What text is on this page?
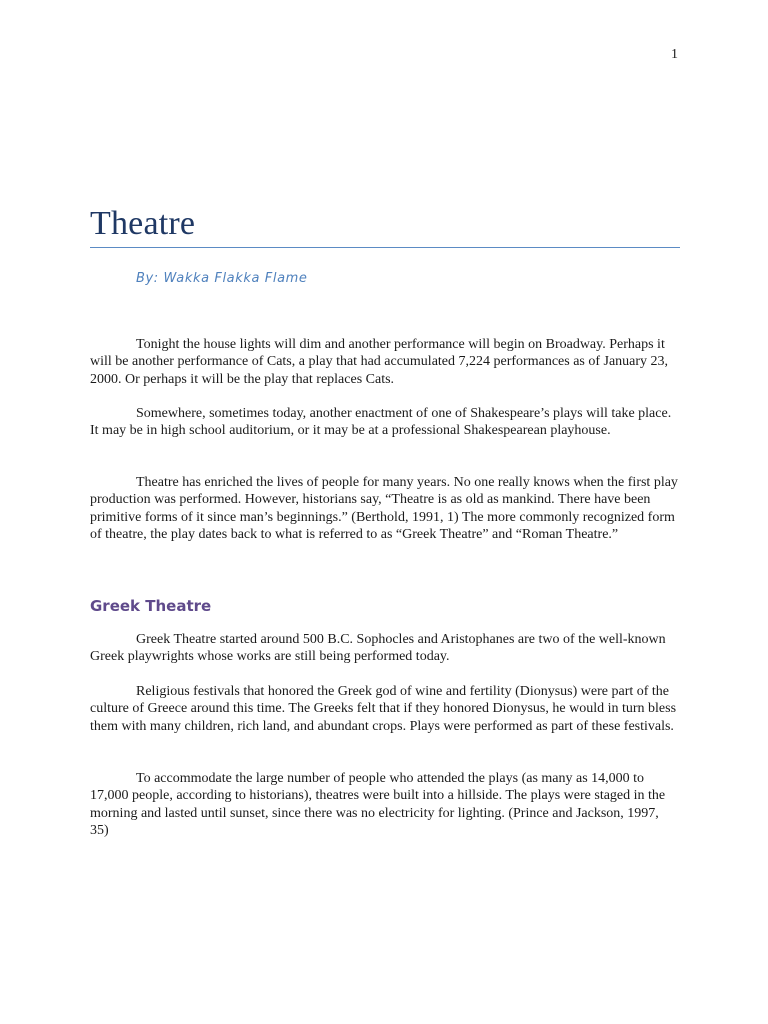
1
Theatre
By: Wakka Flakka Flame

Tonight the house lights will dim and another performance will begin on Broadway. Perhaps it will be another performance of Cats, a play that had accumulated 7,224 performances as of January 23, 2000. Or perhaps it will be the play that replaces Cats.

Somewhere, sometimes today, another enactment of one of Shakespeare’s plays will take place. It may be in high school auditorium, or it may be at a professional Shakespearean playhouse.

Theatre has enriched the lives of people for many years. No one really knows when the first play production was performed. However, historians say, “Theatre is as old as mankind. There have been primitive forms of it since man’s beginnings.” (Berthold, 1991, 1) The more commonly recognized form of theatre, the play dates back to what is referred to as “Greek Theatre” and “Roman Theatre.”

Greek Theatre

Greek Theatre started around 500 B.C. Sophocles and Aristophanes are two of the well-known Greek playwrights whose works are still being performed today.

Religious festivals that honored the Greek god of wine and fertility (Dionysus) were part of the culture of Greece around this time. The Greeks felt that if they honored Dionysus, he would in turn bless them with many children, rich land, and abundant crops. Plays were performed as part of these festivals.

To accommodate the large number of people who attended the plays (as many as 14,000 to 17,000 people, according to historians), theatres were built into a hillside. The plays were staged in the morning and lasted until sunset, since there was no electricity for lighting. (Prince and Jackson, 1997, 35)
